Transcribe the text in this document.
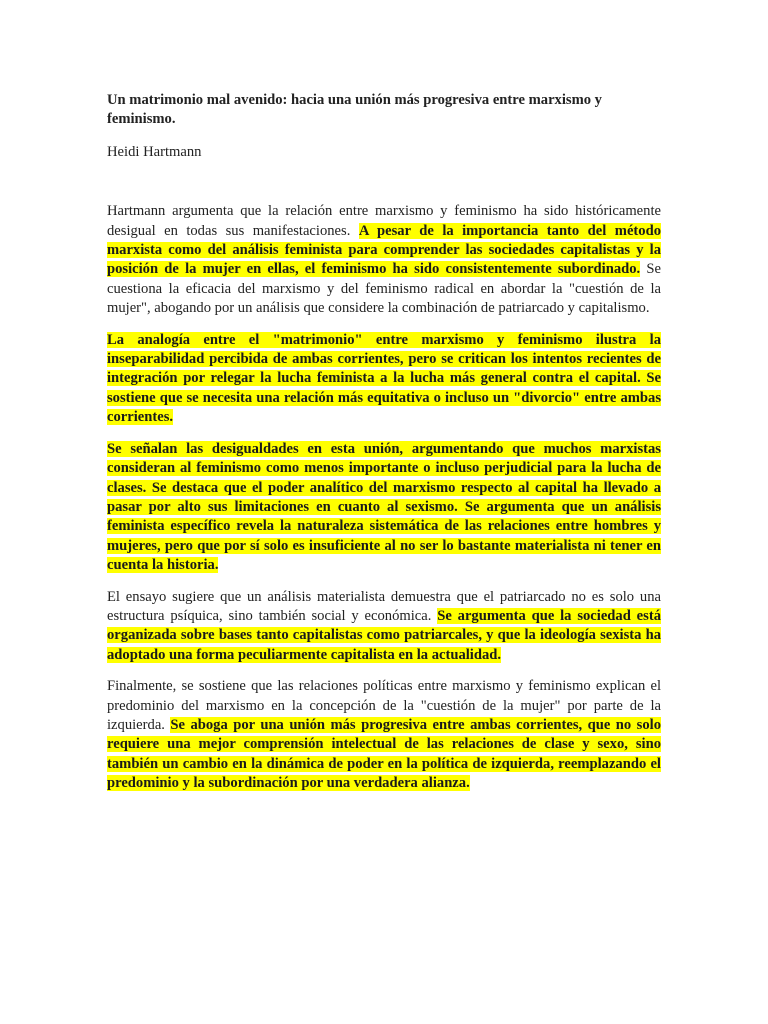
Un matrimonio mal avenido: hacia una unión más progresiva entre marxismo y feminismo.

Heidi Hartmann

Hartmann argumenta que la relación entre marxismo y feminismo ha sido históricamente desigual en todas sus manifestaciones. A pesar de la importancia tanto del método marxista como del análisis feminista para comprender las sociedades capitalistas y la posición de la mujer en ellas, el feminismo ha sido consistentemente subordinado. Se cuestiona la eficacia del marxismo y del feminismo radical en abordar la "cuestión de la mujer", abogando por un análisis que considere la combinación de patriarcado y capitalismo.

La analogía entre el "matrimonio" entre marxismo y feminismo ilustra la inseparabilidad percibida de ambas corrientes, pero se critican los intentos recientes de integración por relegar la lucha feminista a la lucha más general contra el capital. Se sostiene que se necesita una relación más equitativa o incluso un "divorcio" entre ambas corrientes.

Se señalan las desigualdades en esta unión, argumentando que muchos marxistas consideran al feminismo como menos importante o incluso perjudicial para la lucha de clases. Se destaca que el poder analítico del marxismo respecto al capital ha llevado a pasar por alto sus limitaciones en cuanto al sexismo. Se argumenta que un análisis feminista específico revela la naturaleza sistemática de las relaciones entre hombres y mujeres, pero que por sí solo es insuficiente al no ser lo bastante materialista ni tener en cuenta la historia.

El ensayo sugiere que un análisis materialista demuestra que el patriarcado no es solo una estructura psíquica, sino también social y económica. Se argumenta que la sociedad está organizada sobre bases tanto capitalistas como patriarcales, y que la ideología sexista ha adoptado una forma peculiarmente capitalista en la actualidad.

Finalmente, se sostiene que las relaciones políticas entre marxismo y feminismo explican el predominio del marxismo en la concepción de la "cuestión de la mujer" por parte de la izquierda. Se aboga por una unión más progresiva entre ambas corrientes, que no solo requiere una mejor comprensión intelectual de las relaciones de clase y sexo, sino también un cambio en la dinámica de poder en la política de izquierda, reemplazando el predominio y la subordinación por una verdadera alianza.
